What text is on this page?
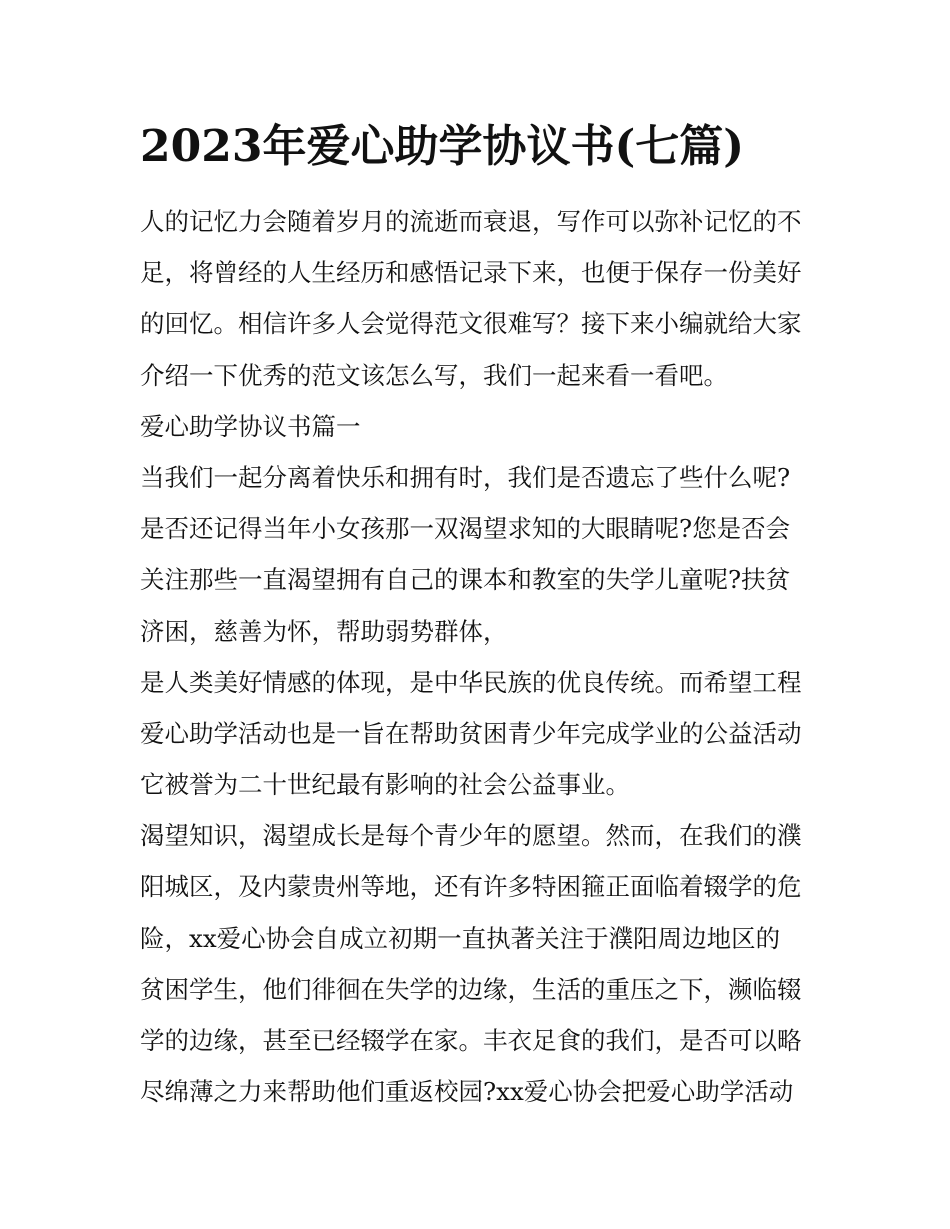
2023年爱心助学协议书(七篇)
人的记忆力会随着岁月的流逝而衰退，写作可以弥补记忆的不
足，将曾经的人生经历和感悟记录下来，也便于保存一份美好
的回忆。相信许多人会觉得范文很难写？接下来小编就给大家
介绍一下优秀的范文该怎么写，我们一起来看一看吧。
爱心助学协议书篇一
当我们一起分离着快乐和拥有时，我们是否遗忘了些什么呢?
是否还记得当年小女孩那一双渴望求知的大眼睛呢?您是否会
关注那些一直渴望拥有自己的课本和教室的失学儿童呢?扶贫
济困，慈善为怀，帮助弱势群体，
是人类美好情感的体现，是中华民族的优良传统。而希望工程
爱心助学活动也是一旨在帮助贫困青少年完成学业的公益活动
它被誉为二十世纪最有影响的社会公益事业。
渴望知识，渴望成长是每个青少年的愿望。然而，在我们的濮
阳城区，及内蒙贵州等地，还有许多特困箍正面临着辍学的危
险，xx爱心协会自成立初期一直执著关注于濮阳周边地区的
贫困学生，他们徘徊在失学的边缘，生活的重压之下，濒临辍
学的边缘，甚至已经辍学在家。丰衣足食的我们，是否可以略
尽绵薄之力来帮助他们重返校园?xx爱心协会把爱心助学活动
